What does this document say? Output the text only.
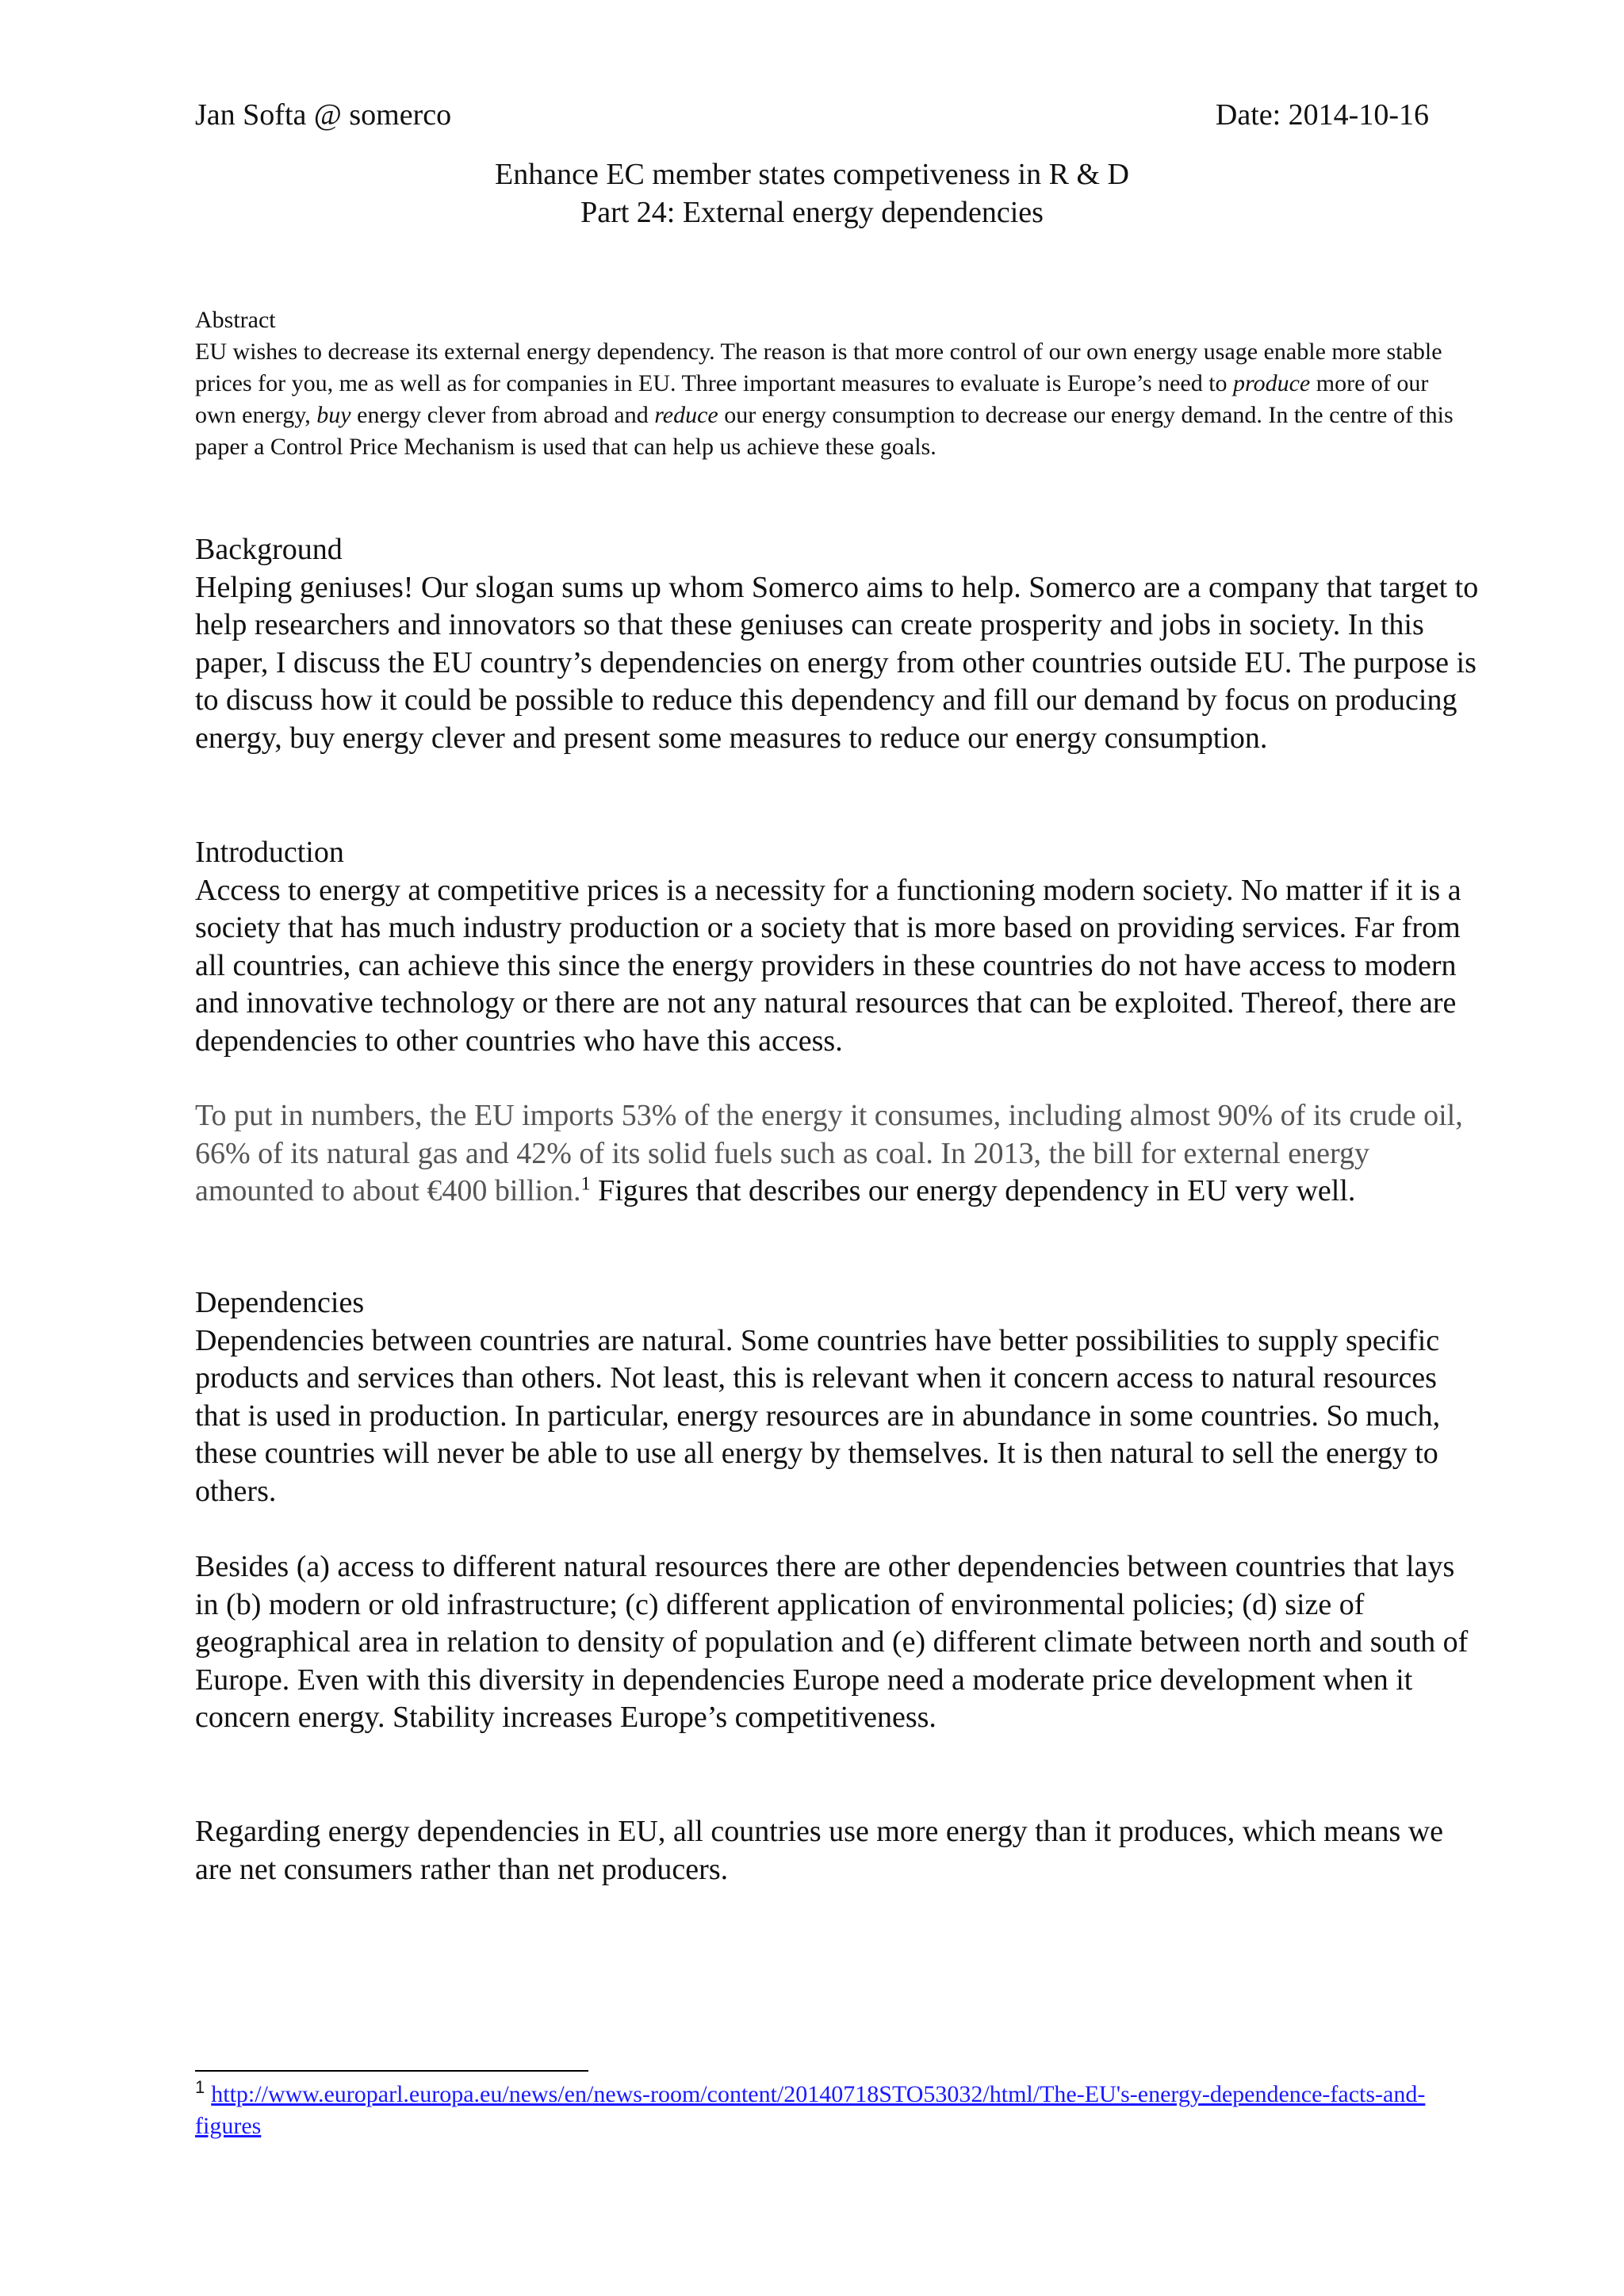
Jan Softa @ somerco	Date: 2014-10-16
Enhance EC member states competiveness in R & D
Part 24: External energy dependencies

Abstract

EU wishes to decrease its external energy dependency. The reason is that more control of our own energy usage enable more stable prices for you, me as well as for companies in EU. Three important measures to evaluate is Europe’s need to produce more of our own energy, buy energy clever from abroad and reduce our energy consumption to decrease our energy demand. In the centre of this paper a Control Price Mechanism is used that can help us achieve these goals.

Background

Helping geniuses! Our slogan sums up whom Somerco aims to help. Somerco are a company that target to help researchers and innovators so that these geniuses can create prosperity and jobs in society. In this paper, I discuss the EU country’s dependencies on energy from other countries outside EU. The purpose is to discuss how it could be possible to reduce this dependency and fill our demand by focus on producing energy, buy energy clever and present some measures to reduce our energy consumption.

Introduction

Access to energy at competitive prices is a necessity for a functioning modern society. No matter if it is a society that has much industry production or a society that is more based on providing services. Far from all countries, can achieve this since the energy providers in these countries do not have access to modern and innovative technology or there are not any natural resources that can be exploited. Thereof, there are dependencies to other countries who have this access.

To put in numbers, the EU imports 53% of the energy it consumes, including almost 90% of its crude oil, 66% of its natural gas and 42% of its solid fuels such as coal. In 2013, the bill for external energy amounted to about €400 billion.$^1$ Figures that describes our energy dependency in EU very well.

Dependencies

Dependencies between countries are natural. Some countries have better possibilities to supply specific products and services than others. Not least, this is relevant when it concern access to natural resources that is used in production. In particular, energy resources are in abundance in some countries. So much, these countries will never be able to use all energy by themselves. It is then natural to sell the energy to others.

Besides (a) access to different natural resources there are other dependencies between countries that lays in (b) modern or old infrastructure; (c) different application of environmental policies; (d) size of geographical area in relation to density of population and (e) different climate between north and south of Europe. Even with this diversity in dependencies Europe need a moderate price development when it concern energy. Stability increases Europe’s competitiveness.

Regarding energy dependencies in EU, all countries use more energy than it produces, which means we are net consumers rather than net producers.

$^1$ http://www.europarl.europa.eu/news/en/news-room/content/20140718STO53032/html/The-EU's-energy-dependence-facts-and-figures
